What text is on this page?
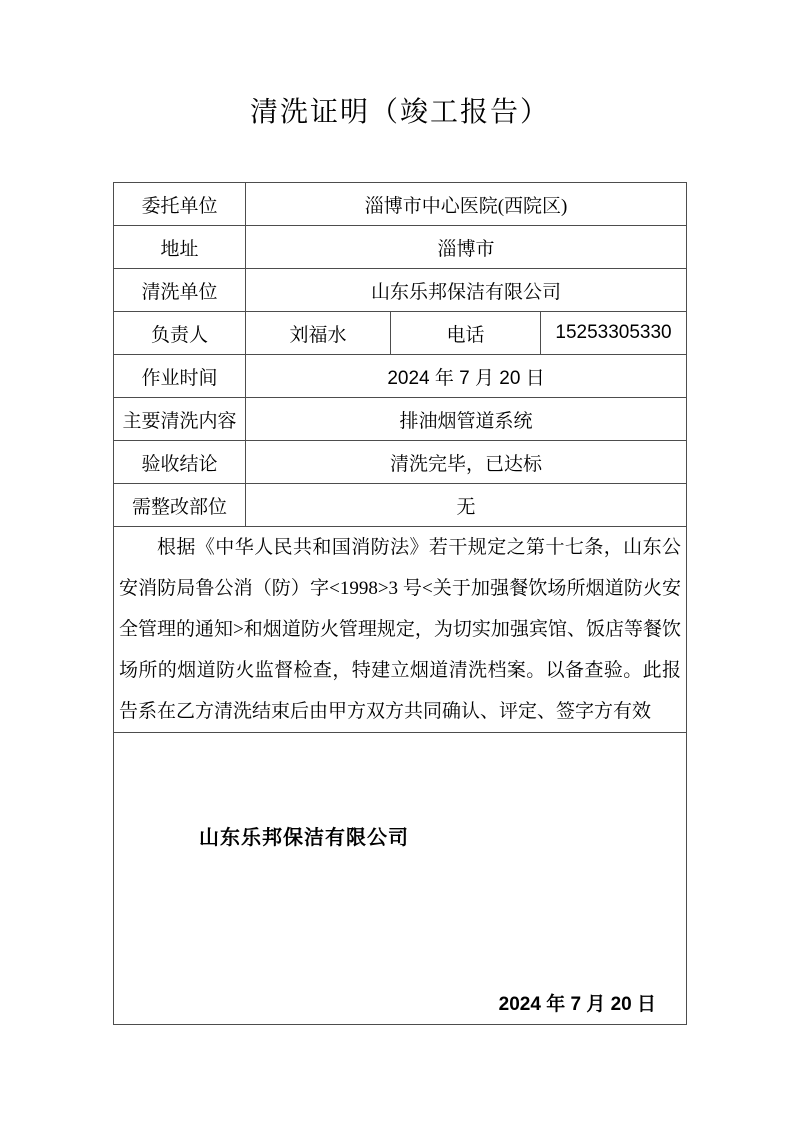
清洗证明（竣工报告）
委托单位	淄博市中心医院(西院区)		
地址	淄博市		
清洗单位	山东乐邦保洁有限公司		
负责人	刘福水	电话	15253305330
作业时间	2024 年 7 月 20 日		
主要清洗内容	排油烟管道系统		
验收结论	清洗完毕，已达标		
需整改部位	无		

根据《中华人民共和国消防法》若干规定之第十七条，山东公安消防局鲁公消（防）字<1998>3 号<关于加强餐饮场所烟道防火安全管理的通知>和烟道防火管理规定，为切实加强宾馆、饭店等餐饮场所的烟道防火监督检查，特建立烟道清洗档案。以备查验。此报告系在乙方清洗结束后由甲方双方共同确认、评定、签字方有效			

山东乐邦保洁有限公司
2024 年 7 月 20 日			
